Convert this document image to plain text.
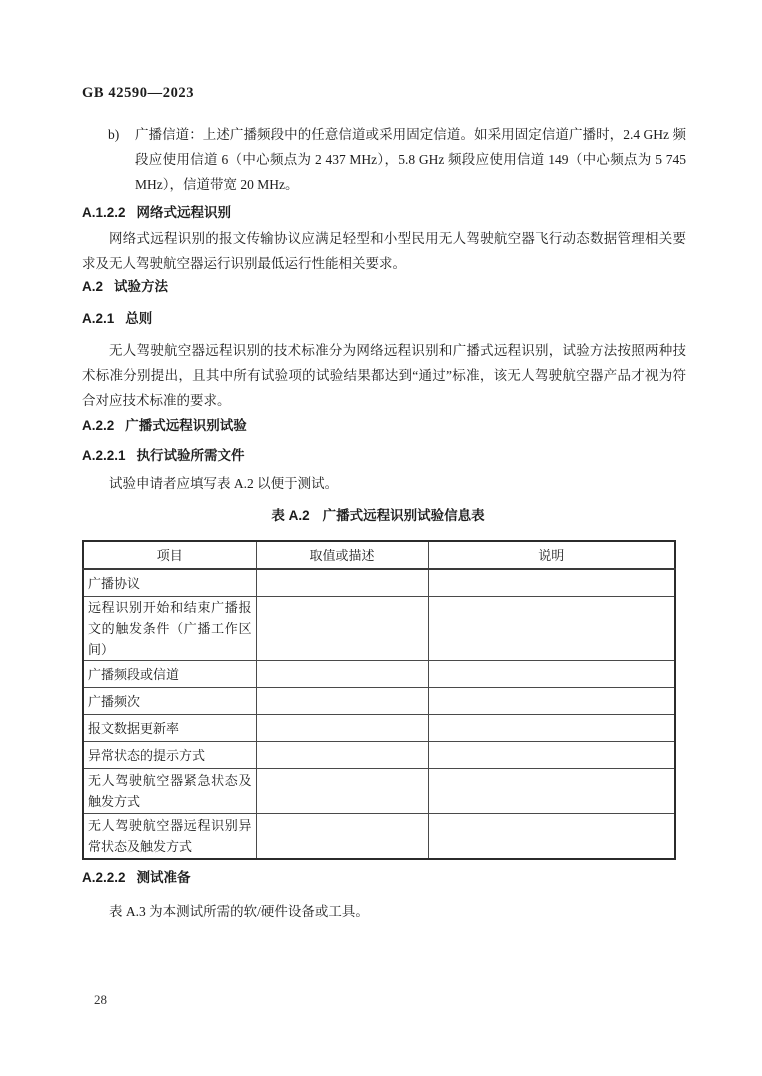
GB 42590—2023
b)	广播信道：上述广播频段中的任意信道或采用固定信道。如采用固定信道广播时，2.4 GHz 频段应使用信道 6（中心频点为 2 437 MHz），5.8 GHz 频段应使用信道 149（中心频点为 5 745 MHz），信道带宽 20 MHz。
A.1.2.2 网络式远程识别
网络式远程识别的报文传输协议应满足轻型和小型民用无人驾驶航空器飞行动态数据管理相关要求及无人驾驶航空器运行识别最低运行性能相关要求。
A.2 试验方法
A.2.1 总则
无人驾驶航空器远程识别的技术标准分为网络远程识别和广播式远程识别，试验方法按照两种技术标准分别提出，且其中所有试验项的试验结果都达到“通过”标准，该无人驾驶航空器产品才视为符合对应技术标准的要求。
A.2.2 广播式远程识别试验
A.2.2.1 执行试验所需文件
试验申请者应填写表 A.2 以便于测试。
表 A.2 广播式远程识别试验信息表
项目	取值或描述	说明
广播协议		
远程识别开始和结束广播报文的触发条件（广播工作区间）		
广播频段或信道		
广播频次		
报文数据更新率		
异常状态的提示方式		
无人驾驶航空器紧急状态及触发方式		
无人驾驶航空器远程识别异常状态及触发方式		
A.2.2.2 测试准备
表 A.3 为本测试所需的软/硬件设备或工具。
28
